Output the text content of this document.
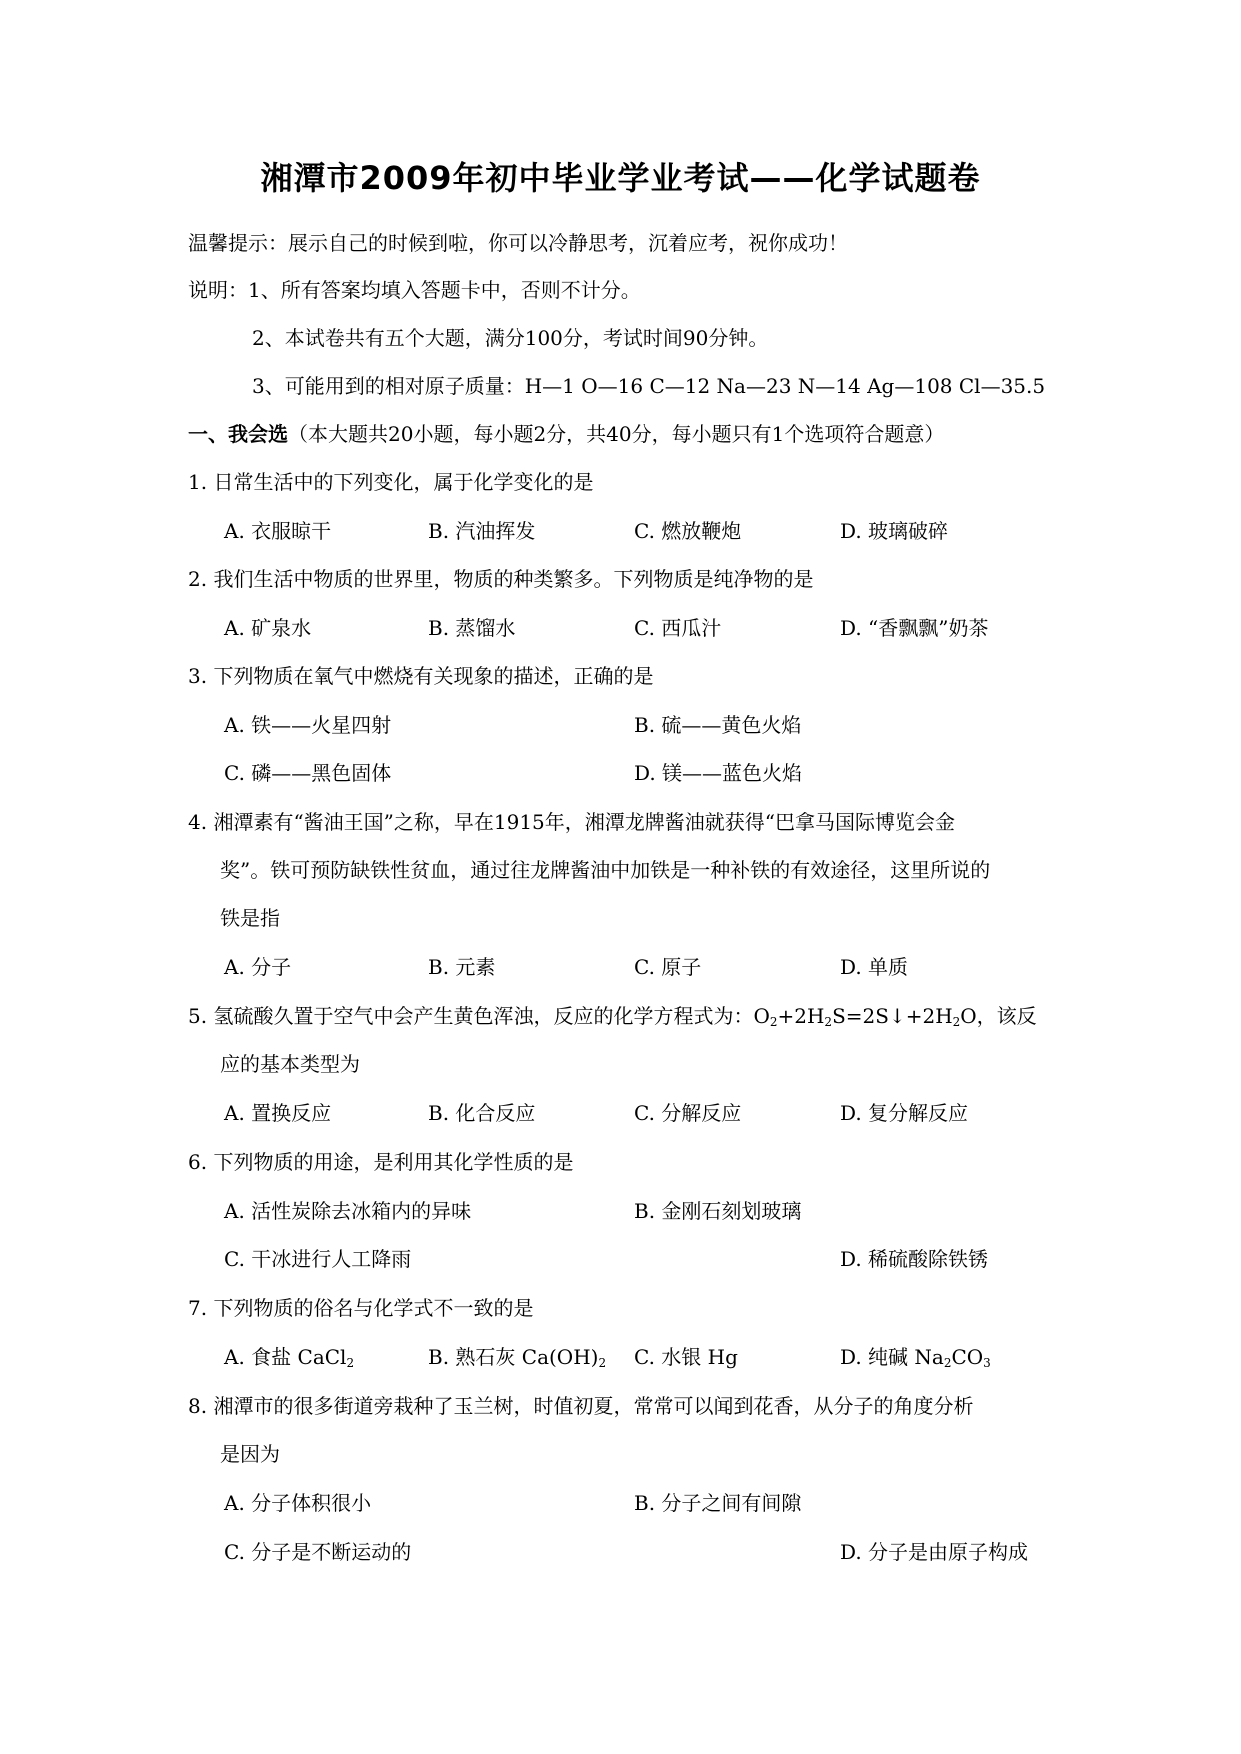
湘潭市2009年初中毕业学业考试——化学试题卷
温馨提示：展示自己的时候到啦，你可以冷静思考，沉着应考，祝你成功！
说明：1、所有答案均填入答题卡中，否则不计分。
2、本试卷共有五个大题，满分100分，考试时间90分钟。
3、可能用到的相对原子质量：H—1 O—16 C—12 Na—23 N—14 Ag—108 Cl—35.5
一、我会选（本大题共20小题，每小题2分，共40分，每小题只有1个选项符合题意）
1. 日常生活中的下列变化，属于化学变化的是
A. 衣服晾干	B. 汽油挥发	C. 燃放鞭炮	D. 玻璃破碎
2. 我们生活中物质的世界里，物质的种类繁多。下列物质是纯净物的是
A. 矿泉水	B. 蒸馏水	C. 西瓜汁	D. “香飘飘”奶茶
3. 下列物质在氧气中燃烧有关现象的描述，正确的是
A. 铁——火星四射	B. 硫——黄色火焰
C. 磷——黑色固体	D. 镁——蓝色火焰
4. 湘潭素有“酱油王国”之称，早在1915年，湘潭龙牌酱油就获得“巴拿马国际博览会金
奖”。铁可预防缺铁性贫血，通过往龙牌酱油中加铁是一种补铁的有效途径，这里所说的
铁是指
A. 分子	B. 元素	C. 原子	D. 单质
5. 氢硫酸久置于空气中会产生黄色浑浊，反应的化学方程式为：$O_2+2H_2S=2S↓+2H_2O$，该反
应的基本类型为
A. 置换反应	B. 化合反应	C. 分解反应	D. 复分解反应
6. 下列物质的用途，是利用其化学性质的是
A. 活性炭除去冰箱内的异味	B. 金刚石刻划玻璃
C. 干冰进行人工降雨	D. 稀硫酸除铁锈
7. 下列物质的俗名与化学式不一致的是
A. 食盐 CaCl$_2$	B. 熟石灰 $Ca(OH)_2$ C. 水银 Hg	D. 纯碱 $Na_2CO_3$
8. 湘潭市的很多街道旁栽种了玉兰树，时值初夏，常常可以闻到花香，从分子的角度分析
是因为
A. 分子体积很小	B. 分子之间有间隙
C. 分子是不断运动的	D. 分子是由原子构成
